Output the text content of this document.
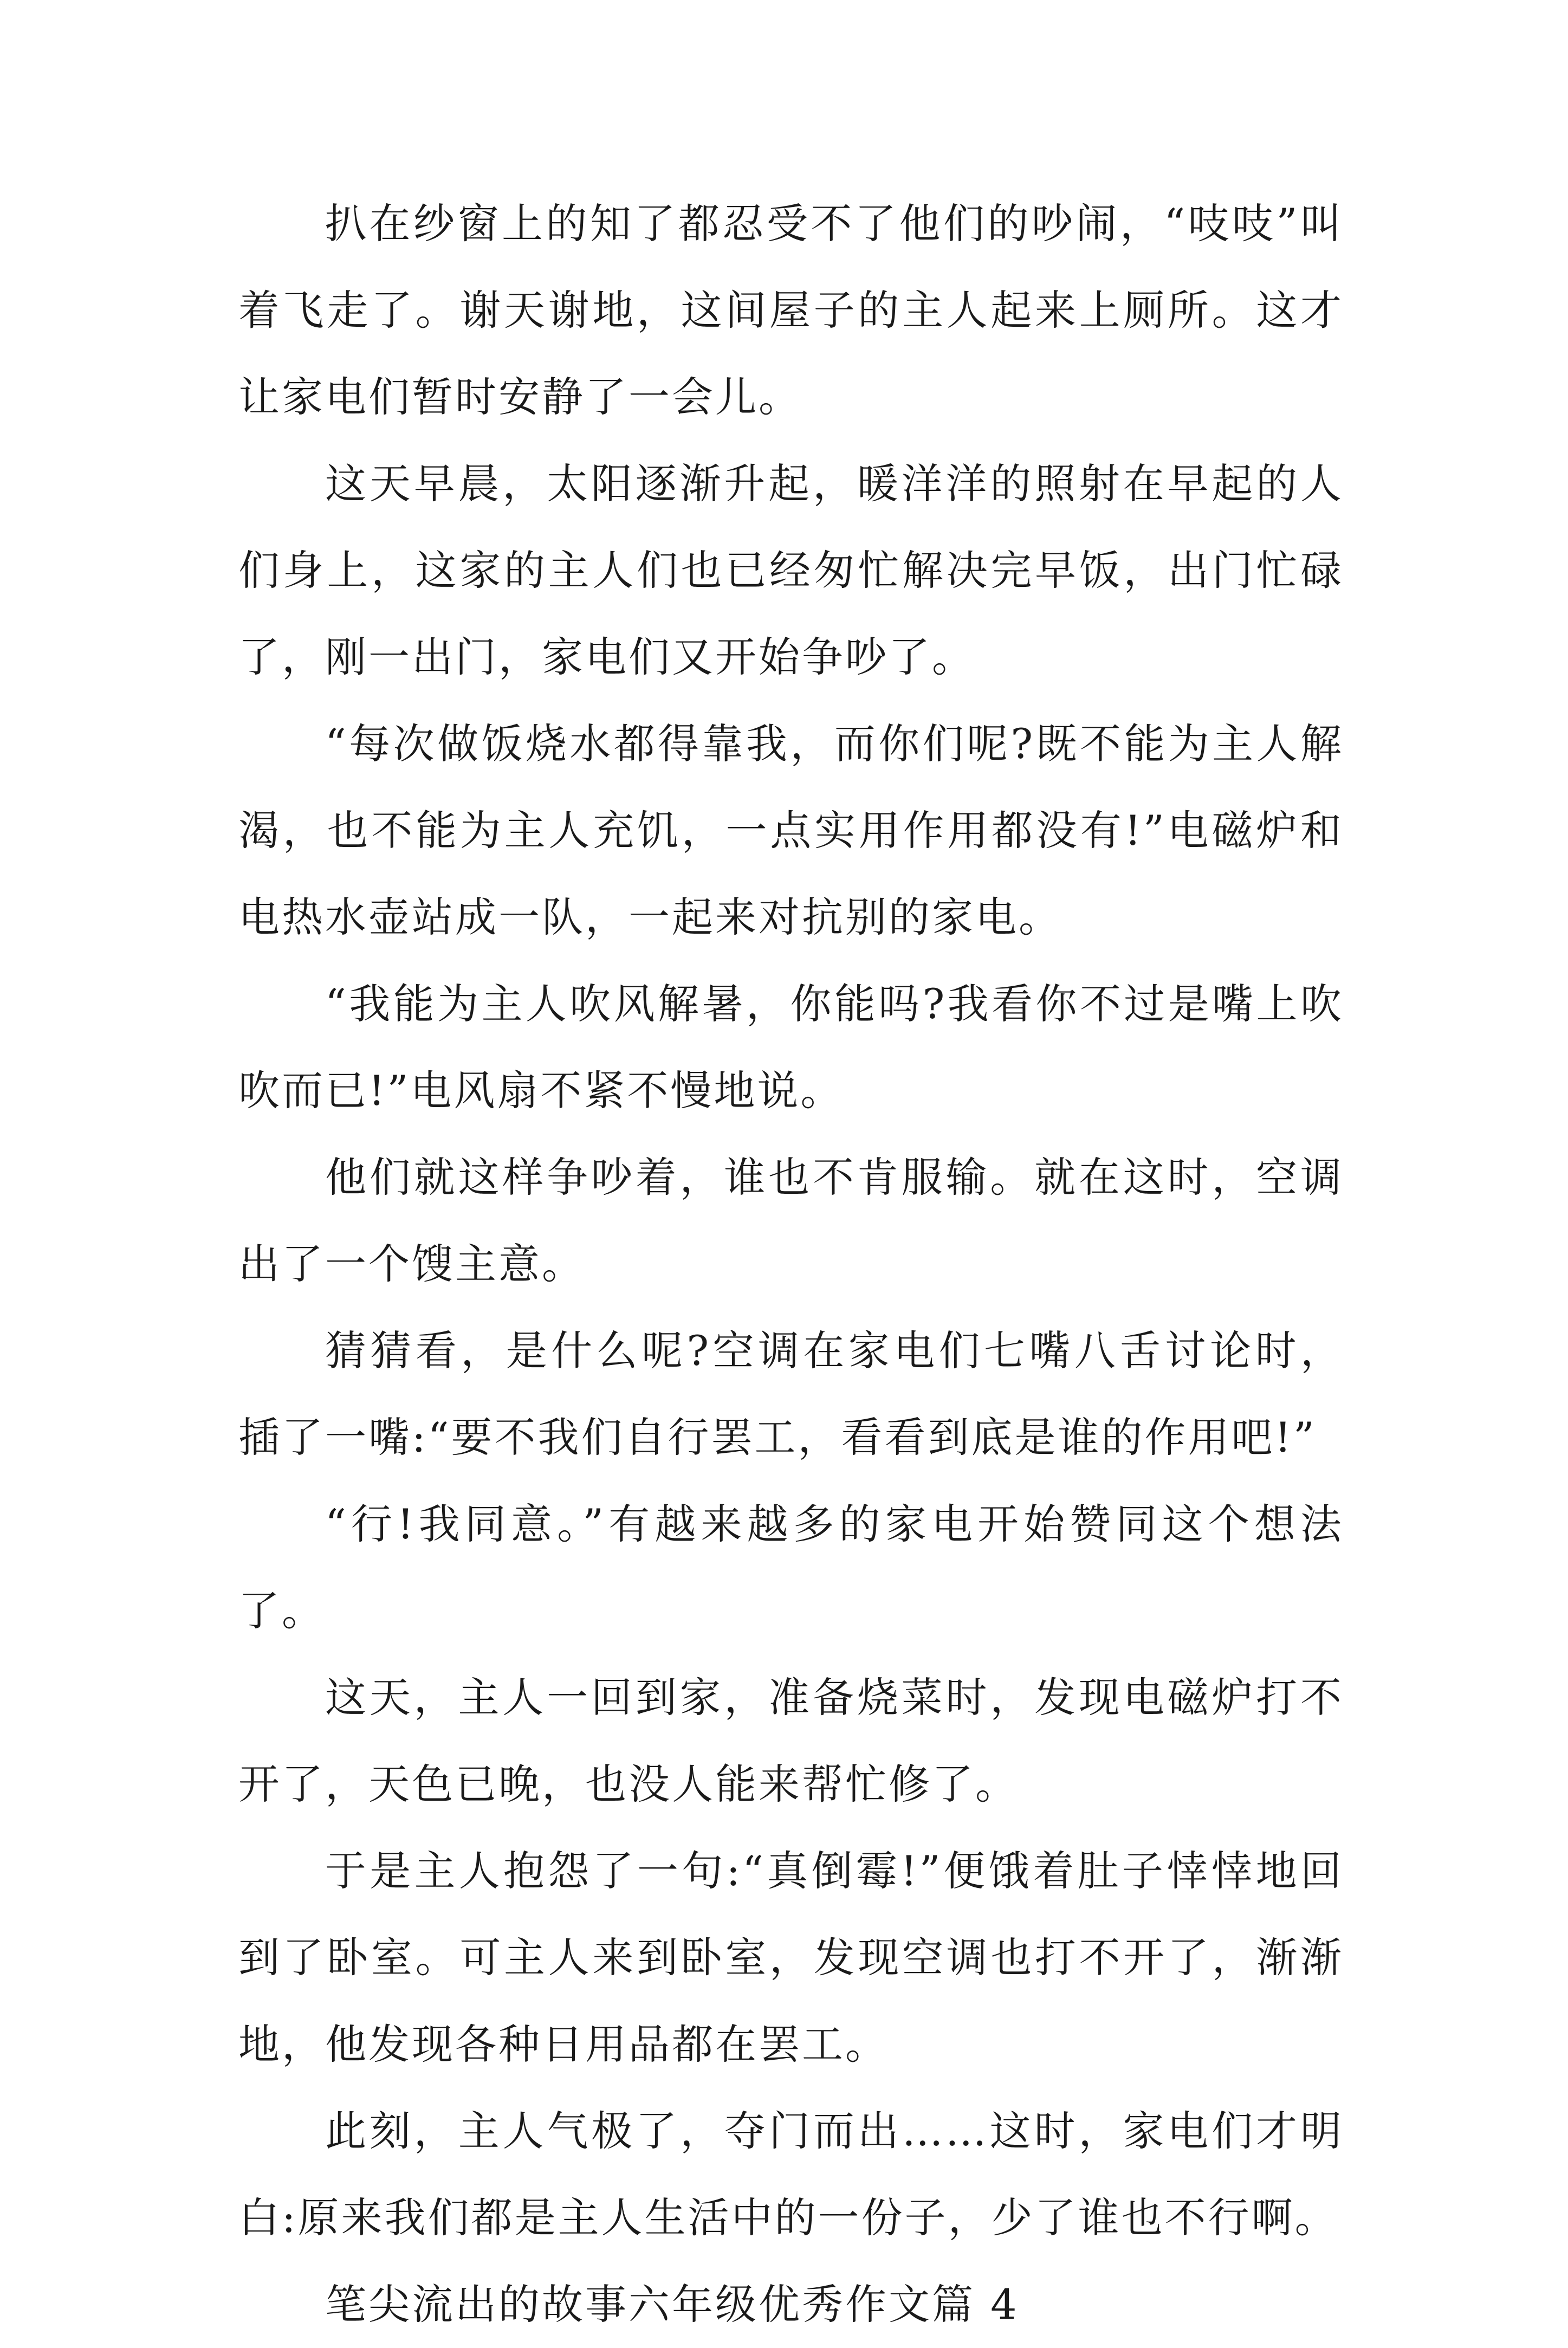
扒在纱窗上的知了都忍受不了他们的吵闹，“吱吱”叫着飞走了。谢天谢地，这间屋子的主人起来上厕所。这才让家电们暂时安静了一会儿。

这天早晨，太阳逐渐升起，暖洋洋的照射在早起的人们身上，这家的主人们也已经匆忙解决完早饭，出门忙碌了，刚一出门，家电们又开始争吵了。

“每次做饭烧水都得靠我，而你们呢?既不能为主人解渴，也不能为主人充饥，一点实用作用都没有!”电磁炉和电热水壶站成一队，一起来对抗别的家电。

“我能为主人吹风解暑，你能吗?我看你不过是嘴上吹吹而已!”电风扇不紧不慢地说。

他们就这样争吵着，谁也不肯服输。就在这时，空调出了一个馊主意。

猜猜看，是什么呢?空调在家电们七嘴八舌讨论时，插了一嘴:“要不我们自行罢工，看看到底是谁的作用吧!”

“行!我同意。”有越来越多的家电开始赞同这个想法了。

这天，主人一回到家，准备烧菜时，发现电磁炉打不开了，天色已晚，也没人能来帮忙修了。

于是主人抱怨了一句:“真倒霉!”便饿着肚子悻悻地回到了卧室。可主人来到卧室，发现空调也打不开了，渐渐地，他发现各种日用品都在罢工。

此刻，主人气极了，夺门而出……这时，家电们才明白:原来我们都是主人生活中的一份子，少了谁也不行啊。

笔尖流出的故事六年级优秀作文篇 4
